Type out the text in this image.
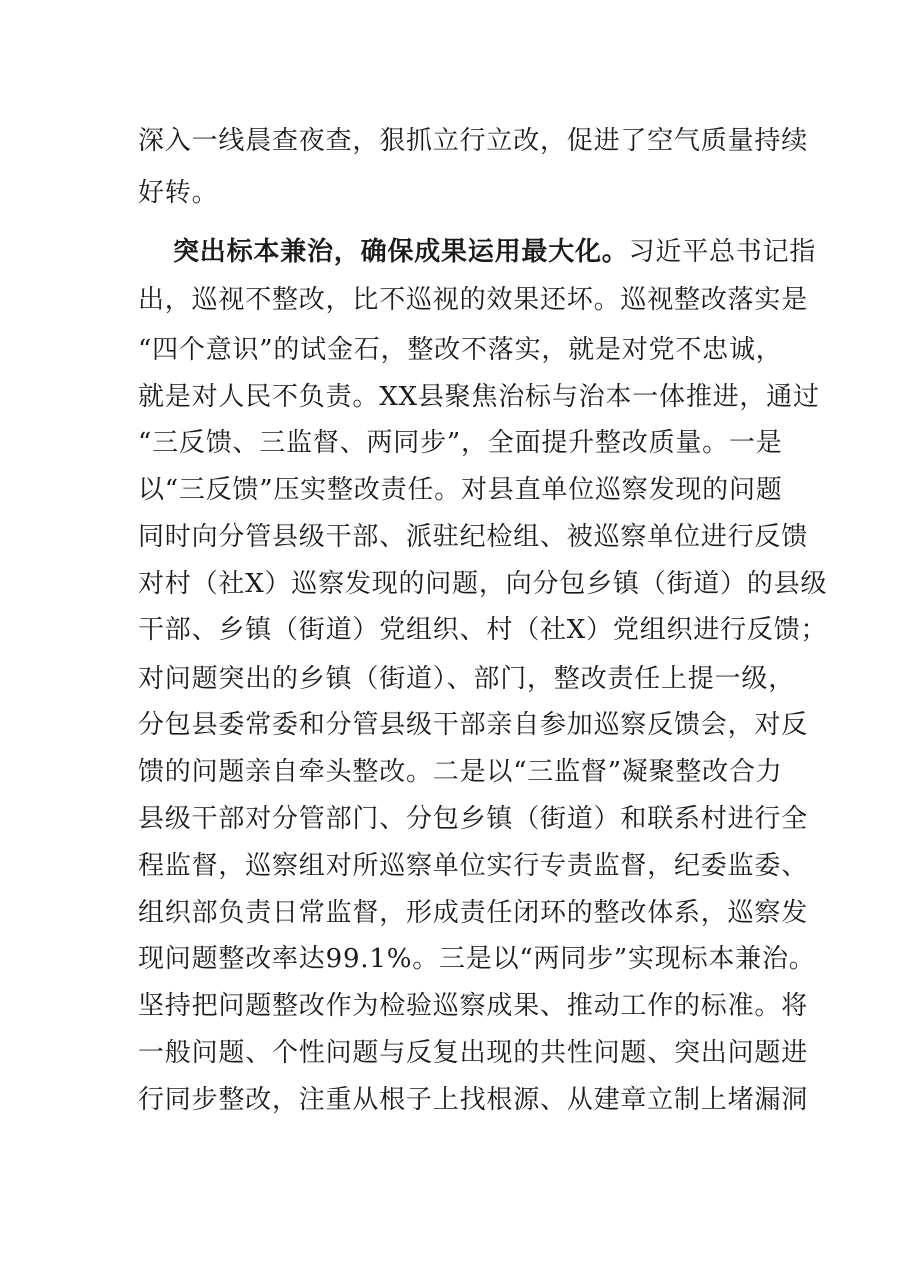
深入一线晨查夜查，狠抓立行立改，促进了空气质量持续
好转。
突出标本兼治，确保成果运用最大化。习近平总书记指
出，巡视不整改，比不巡视的效果还坏。巡视整改落实是
“四个意识”的试金石，整改不落实，就是对党不忠诚，
就是对人民不负责。XX县聚焦治标与治本一体推进，通过
“三反馈、三监督、两同步”，全面提升整改质量。一是
以“三反馈”压实整改责任。对县直单位巡察发现的问题
同时向分管县级干部、派驻纪检组、被巡察单位进行反馈
对村（社X）巡察发现的问题，向分包乡镇（街道）的县级
干部、乡镇（街道）党组织、村（社X）党组织进行反馈；
对问题突出的乡镇（街道）、部门，整改责任上提一级，
分包县委常委和分管县级干部亲自参加巡察反馈会，对反
馈的问题亲自牵头整改。二是以“三监督”凝聚整改合力
县级干部对分管部门、分包乡镇（街道）和联系村进行全
程监督，巡察组对所巡察单位实行专责监督，纪委监委、
组织部负责日常监督，形成责任闭环的整改体系，巡察发
现问题整改率达99.1%。三是以“两同步”实现标本兼治。
坚持把问题整改作为检验巡察成果、推动工作的标准。将
一般问题、个性问题与反复出现的共性问题、突出问题进
行同步整改，注重从根子上找根源、从建章立制上堵漏洞
